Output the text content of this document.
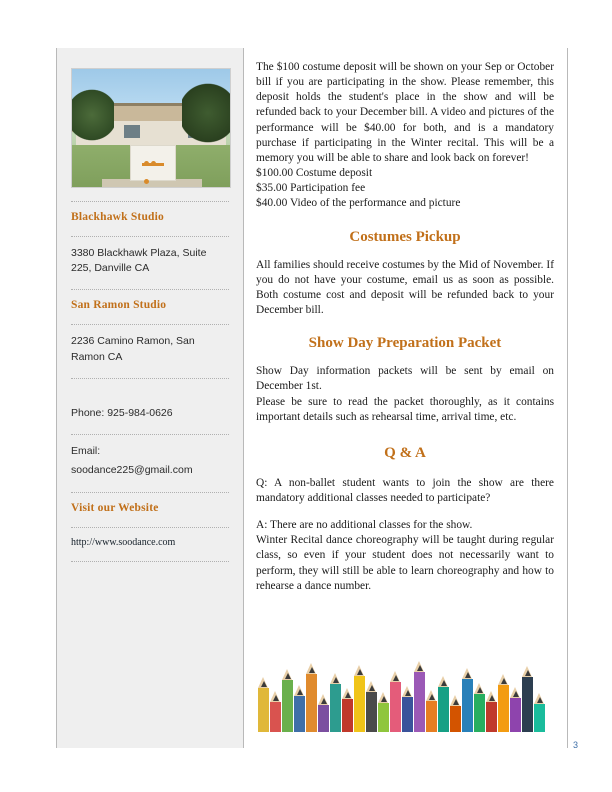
Blackhawk Studio

3380 Blackhawk Plaza, Suite 225, Danville CA

San Ramon Studio

2236 Camino Ramon, San Ramon CA

Phone: 925-984-0626

Email:

soodance225@gmail.com

Visit our Website

http://www.soodance.com

The $100 costume deposit will be shown on your Sep or October bill if you are participating in the show. Please remember, this deposit holds the student's place in the show and will be refunded back to your December bill. A video and pictures of the performance will be $40.00 for both, and is a mandatory purchase if participating in the Winter recital. This will be a memory you will be able to share and look back on forever!

$100.00 Costume deposit

$35.00 Participation fee

$40.00 Video of the performance and picture

Costumes Pickup

All families should receive costumes by the Mid of November. If you do not have your costume, email us as soon as possible. Both costume cost and deposit will be refunded back to your December bill.

Show Day Preparation Packet

Show Day information packets will be sent by email on December 1st.

Please be sure to read the packet thoroughly, as it contains important details such as rehearsal time, arrival time, etc.

Q & A

Q: A non-ballet student wants to join the show are there mandatory additional classes needed to participate?

A: There are no additional classes for the show.

Winter Recital dance choreography will be taught during regular class, so even if your student does not necessarily want to perform, they will still be able to learn choreography and how to rehearse a dance number.

3
